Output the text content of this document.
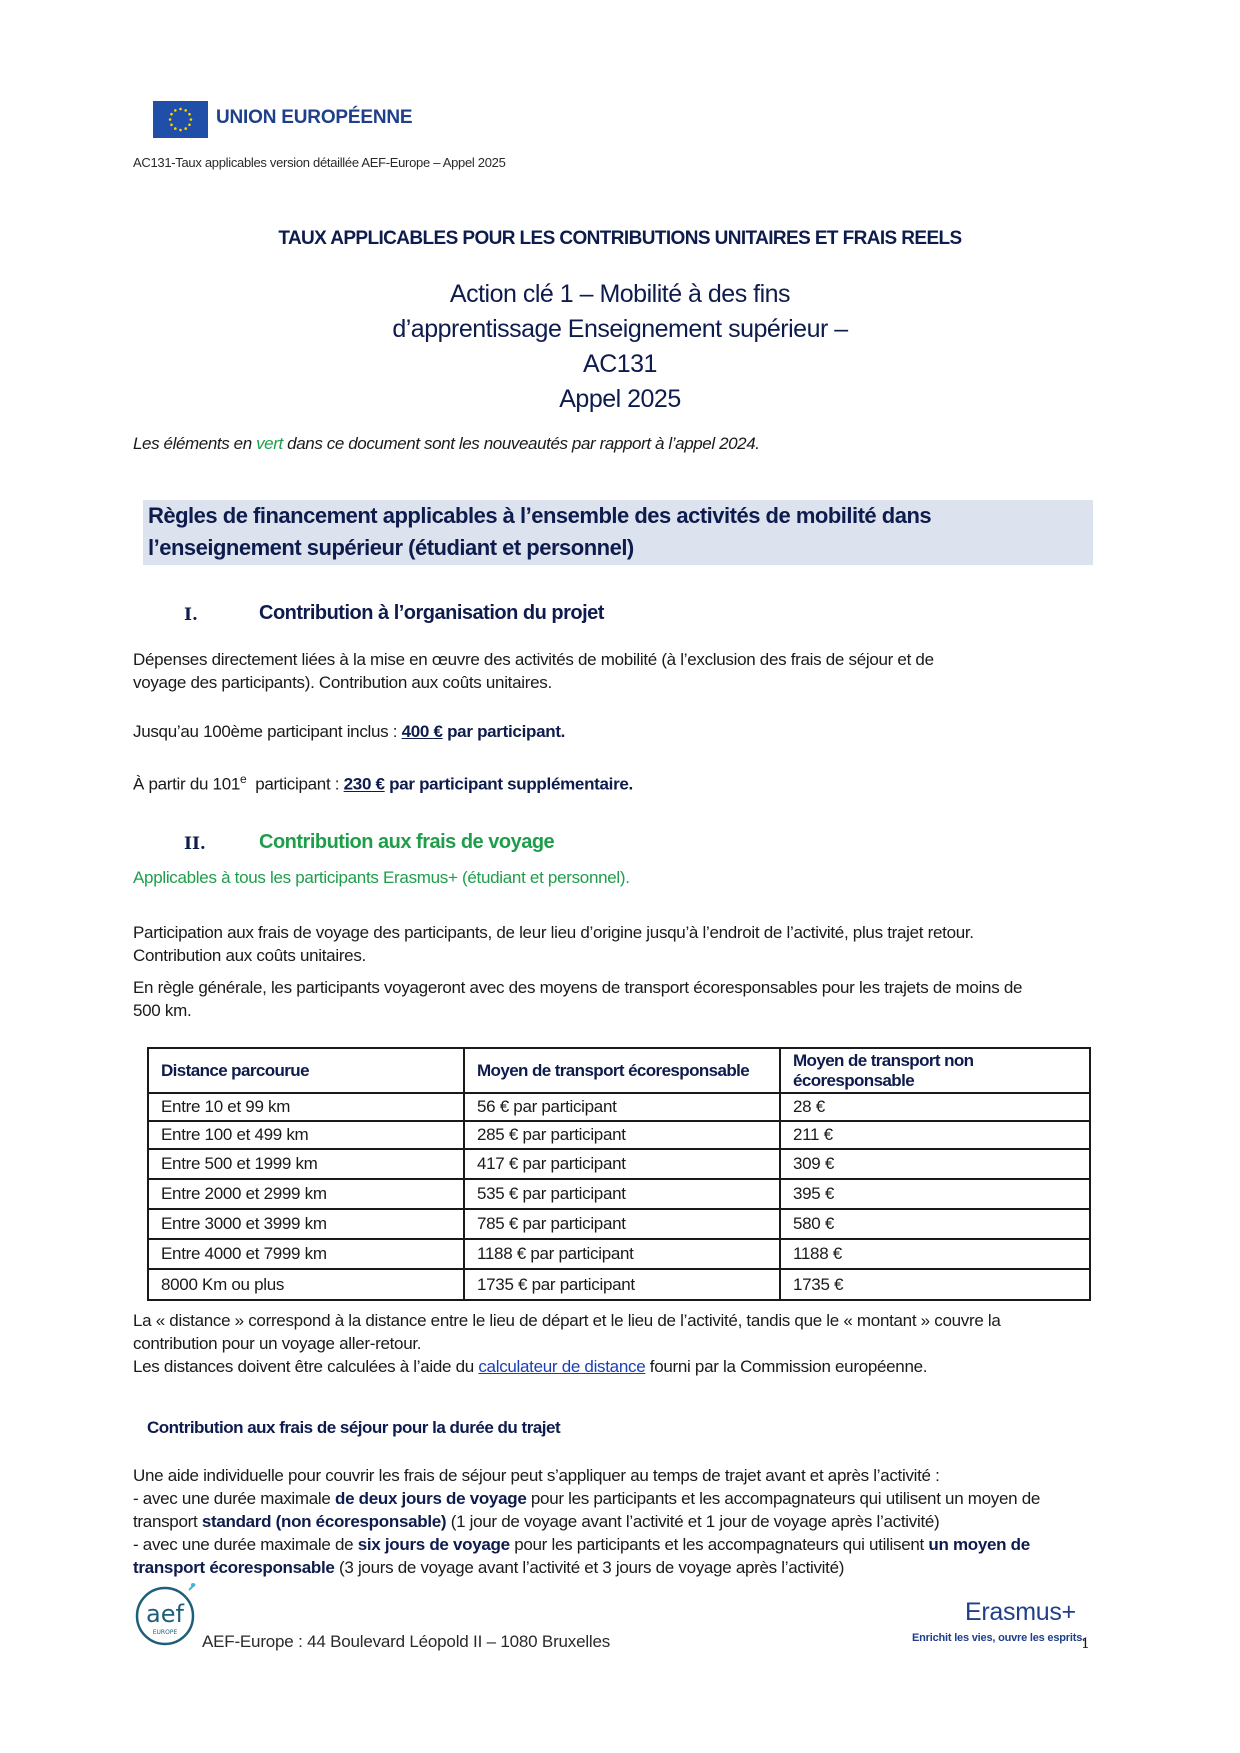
UNION EUROPÉENNE
AC131-Taux applicables version détaillée AEF-Europe – Appel 2025
TAUX APPLICABLES POUR LES CONTRIBUTIONS UNITAIRES ET FRAIS REELS
Action clé 1 – Mobilité à des fins
d’apprentissage Enseignement supérieur –
AC131
Appel 2025
Les éléments en vert dans ce document sont les nouveautés par rapport à l’appel 2024.
Règles de financement applicables à l’ensemble des activités de mobilité dans
l’enseignement supérieur (étudiant et personnel)
I.	Contribution à l’organisation du projet
Dépenses directement liées à la mise en œuvre des activités de mobilité (à l’exclusion des frais de séjour et de
voyage des participants). Contribution aux coûts unitaires.
Jusqu’au 100ème participant inclus : 400 € par participant.
À partir du 101e  participant : 230 € par participant supplémentaire.
II.	Contribution aux frais de voyage
Applicables à tous les participants Erasmus+ (étudiant et personnel).
Participation aux frais de voyage des participants, de leur lieu d’origine jusqu’à l’endroit de l’activité, plus trajet retour.
Contribution aux coûts unitaires.
En règle générale, les participants voyageront avec des moyens de transport écoresponsables pour les trajets de moins de
500 km.
Distance parcourue	Moyen de transport écoresponsable	Moyen de transport non écoresponsable
Entre 10 et 99 km	56 € par participant	28 €
Entre 100 et 499 km	285 € par participant	211 €
Entre 500 et 1999 km	417 € par participant	309 €
Entre 2000 et 2999 km	535 € par participant	395 €
Entre 3000 et 3999 km	785 € par participant	580 €
Entre 4000 et 7999 km	1188 € par participant	1188 €
8000 Km ou plus	1735 € par participant	1735 €
La « distance » correspond à la distance entre le lieu de départ et le lieu de l’activité, tandis que le « montant » couvre la
contribution pour un voyage aller-retour.
Les distances doivent être calculées à l’aide du calculateur de distance fourni par la Commission européenne.
Contribution aux frais de séjour pour la durée du trajet
Une aide individuelle pour couvrir les frais de séjour peut s’appliquer au temps de trajet avant et après l’activité :
- avec une durée maximale de deux jours de voyage pour les participants et les accompagnateurs qui utilisent un moyen de
transport standard (non écoresponsable) (1 jour de voyage avant l’activité et 1 jour de voyage après l’activité)
- avec une durée maximale de six jours de voyage pour les participants et les accompagnateurs qui utilisent un moyen de
transport écoresponsable (3 jours de voyage avant l’activité et 3 jours de voyage après l’activité)
aef
EUROPE AEF-Europe : 44 Boulevard Léopold II – 1080 Bruxelles
Erasmus+
Enrichit les vies, ouvre les esprits.
1
